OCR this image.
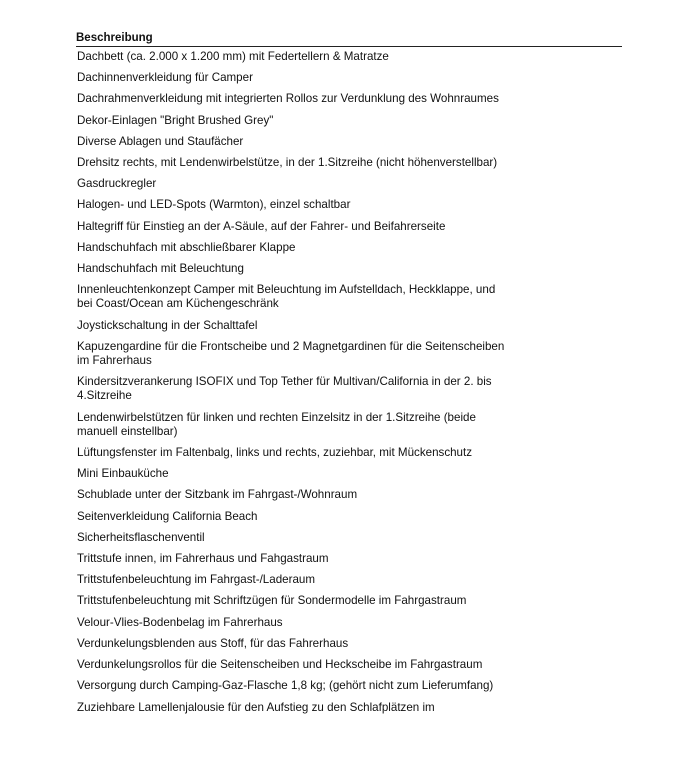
Beschreibung
Dachbett (ca. 2.000 x 1.200 mm) mit Federtellern & Matratze
Dachinnenverkleidung für Camper
Dachrahmenverkleidung mit integrierten Rollos zur Verdunklung des Wohnraumes
Dekor-Einlagen "Bright Brushed Grey"
Diverse Ablagen und Staufächer
Drehsitz rechts, mit Lendenwirbelstütze, in der 1.Sitzreihe (nicht höhenverstellbar)
Gasdruckregler
Halogen- und LED-Spots (Warmton), einzel schaltbar
Haltegriff für Einstieg an der A-Säule, auf der Fahrer- und Beifahrerseite
Handschuhfach mit abschließbarer Klappe
Handschuhfach mit Beleuchtung
Innenleuchtenkonzept Camper mit Beleuchtung im Aufstelldach, Heckklappe, und bei Coast/Ocean am Küchengeschränk
Joystickschaltung in der Schalttafel
Kapuzengardine für die Frontscheibe und 2 Magnetgardinen für die Seitenscheiben im Fahrerhaus
Kindersitzverankerung ISOFIX und Top Tether für Multivan/California in der 2. bis 4.Sitzreihe
Lendenwirbelstützen für linken und rechten Einzelsitz in der 1.Sitzreihe (beide manuell einstellbar)
Lüftungsfenster im Faltenbalg, links und rechts, zuziehbar, mit Mückenschutz
Mini Einbauküche
Schublade unter der Sitzbank im Fahrgast-/Wohnraum
Seitenverkleidung California Beach
Sicherheitsflaschenventil
Trittstufe innen, im Fahrerhaus und Fahgastraum
Trittstufenbeleuchtung im Fahrgast-/Laderaum
Trittstufenbeleuchtung mit Schriftzügen für Sondermodelle im Fahrgastraum
Velour-Vlies-Bodenbelag im Fahrerhaus
Verdunkelungsblenden aus Stoff, für das Fahrerhaus
Verdunkelungsrollos für die Seitenscheiben und Heckscheibe im Fahrgastraum
Versorgung durch Camping-Gaz-Flasche 1,8 kg; (gehört nicht zum Lieferumfang)
Zuziehbare Lamellenjalousie für den Aufstieg zu den Schlafplätzen im
